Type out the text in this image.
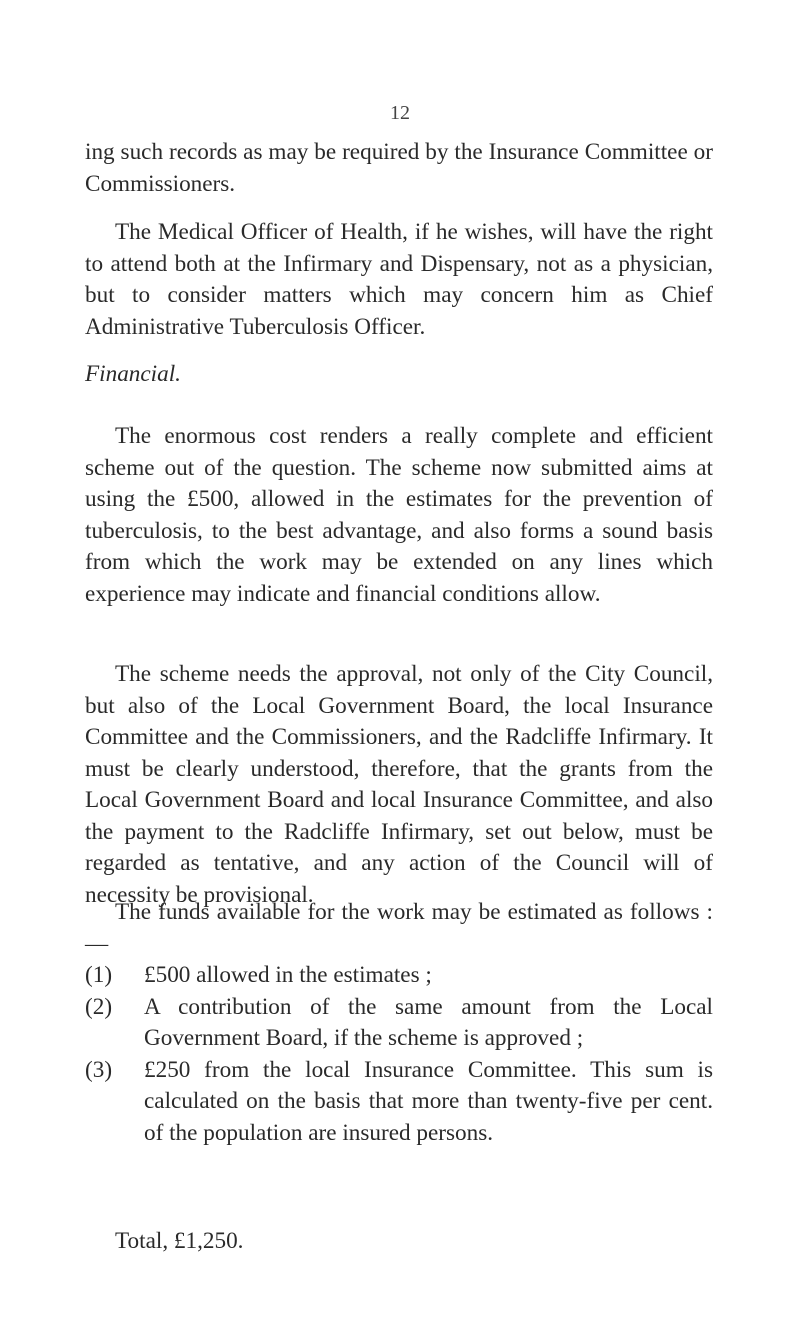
12

ing such records as may be required by the Insurance Committee or Commissioners.

The Medical Officer of Health, if he wishes, will have the right to attend both at the Infirmary and Dispensary, not as a physician, but to consider matters which may concern him as Chief Administrative Tuberculosis Officer.

Financial.

The enormous cost renders a really complete and efficient scheme out of the question. The scheme now submitted aims at using the £500, allowed in the estimates for the prevention of tuberculosis, to the best advantage, and also forms a sound basis from which the work may be extended on any lines which experience may indicate and financial conditions allow.

The scheme needs the approval, not only of the City Council, but also of the Local Government Board, the local Insurance Committee and the Commissioners, and the Radcliffe Infirmary. It must be clearly understood, therefore, that the grants from the Local Government Board and local Insurance Committee, and also the payment to the Radcliffe Infirmary, set out below, must be regarded as tentative, and any action of the Council will of necessity be provisional.

The funds available for the work may be estimated as follows :—

(1)	£500 allowed in the estimates ;
(2)	A contribution of the same amount from the Local Government Board, if the scheme is approved ;
(3)	£250 from the local Insurance Committee. This sum is calculated on the basis that more than twenty-five per cent. of the population are insured persons.

Total, £1,250.
